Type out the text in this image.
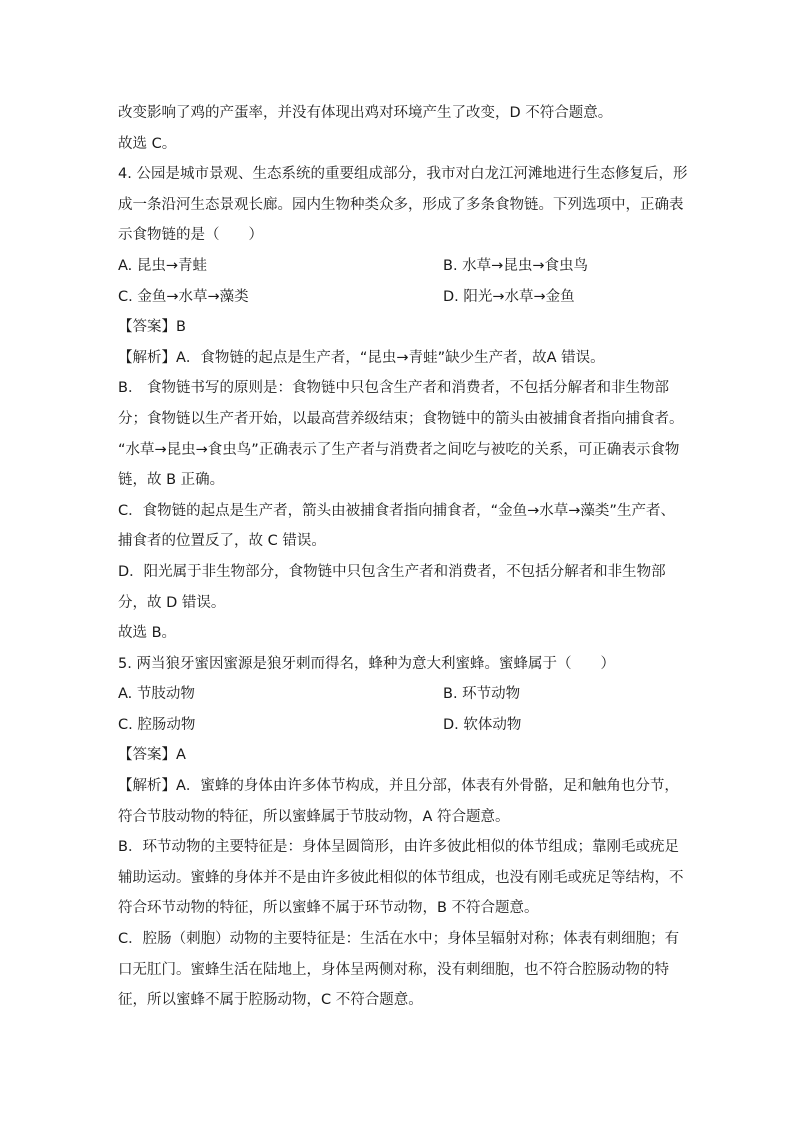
改变影响了鸡的产蛋率，并没有体现出鸡对环境产生了改变，D 不符合题意。
故选 C。
4. 公园是城市景观、生态系统的重要组成部分，我市对白龙江河滩地进行生态修复后，形
成一条沿河生态景观长廊。园内生物种类众多，形成了多条食物链。下列选项中，正确表
示食物链的是（　　）
A. 昆虫→青蛙	B. 水草→昆虫→食虫鸟
C. 金鱼→水草→藻类	D. 阳光→水草→金鱼
【答案】B
【解析】A．食物链的起点是生产者，“昆虫→青蛙”缺少生产者，故A 错误。
B． 食物链书写的原则是：食物链中只包含生产者和消费者，不包括分解者和非生物部
分；食物链以生产者开始，以最高营养级结束；食物链中的箭头由被捕食者指向捕食者。
“水草→昆虫→食虫鸟”正确表示了生产者与消费者之间吃与被吃的关系，可正确表示食物
链，故 B 正确。
C．食物链的起点是生产者，箭头由被捕食者指向捕食者，“金鱼→水草→藻类”生产者、
捕食者的位置反了，故 C 错误。
D．阳光属于非生物部分，食物链中只包含生产者和消费者，不包括分解者和非生物部
分，故 D 错误。
故选 B。
5. 两当狼牙蜜因蜜源是狼牙刺而得名，蜂种为意大利蜜蜂。蜜蜂属于（　　）
A. 节肢动物	B. 环节动物
C. 腔肠动物	D. 软体动物
【答案】A
【解析】A．蜜蜂的身体由许多体节构成，并且分部，体表有外骨骼，足和触角也分节，
符合节肢动物的特征，所以蜜蜂属于节肢动物，A 符合题意。
B．环节动物的主要特征是：身体呈圆筒形，由许多彼此相似的体节组成；靠刚毛或疣足
辅助运动。蜜蜂的身体并不是由许多彼此相似的体节组成，也没有刚毛或疣足等结构，不
符合环节动物的特征，所以蜜蜂不属于环节动物，B 不符合题意。
C．腔肠（刺胞）动物的主要特征是：生活在水中；身体呈辐射对称；体表有刺细胞；有
口无肛门。蜜蜂生活在陆地上，身体呈两侧对称，没有刺细胞，也不符合腔肠动物的特
征，所以蜜蜂不属于腔肠动物，C 不符合题意。
